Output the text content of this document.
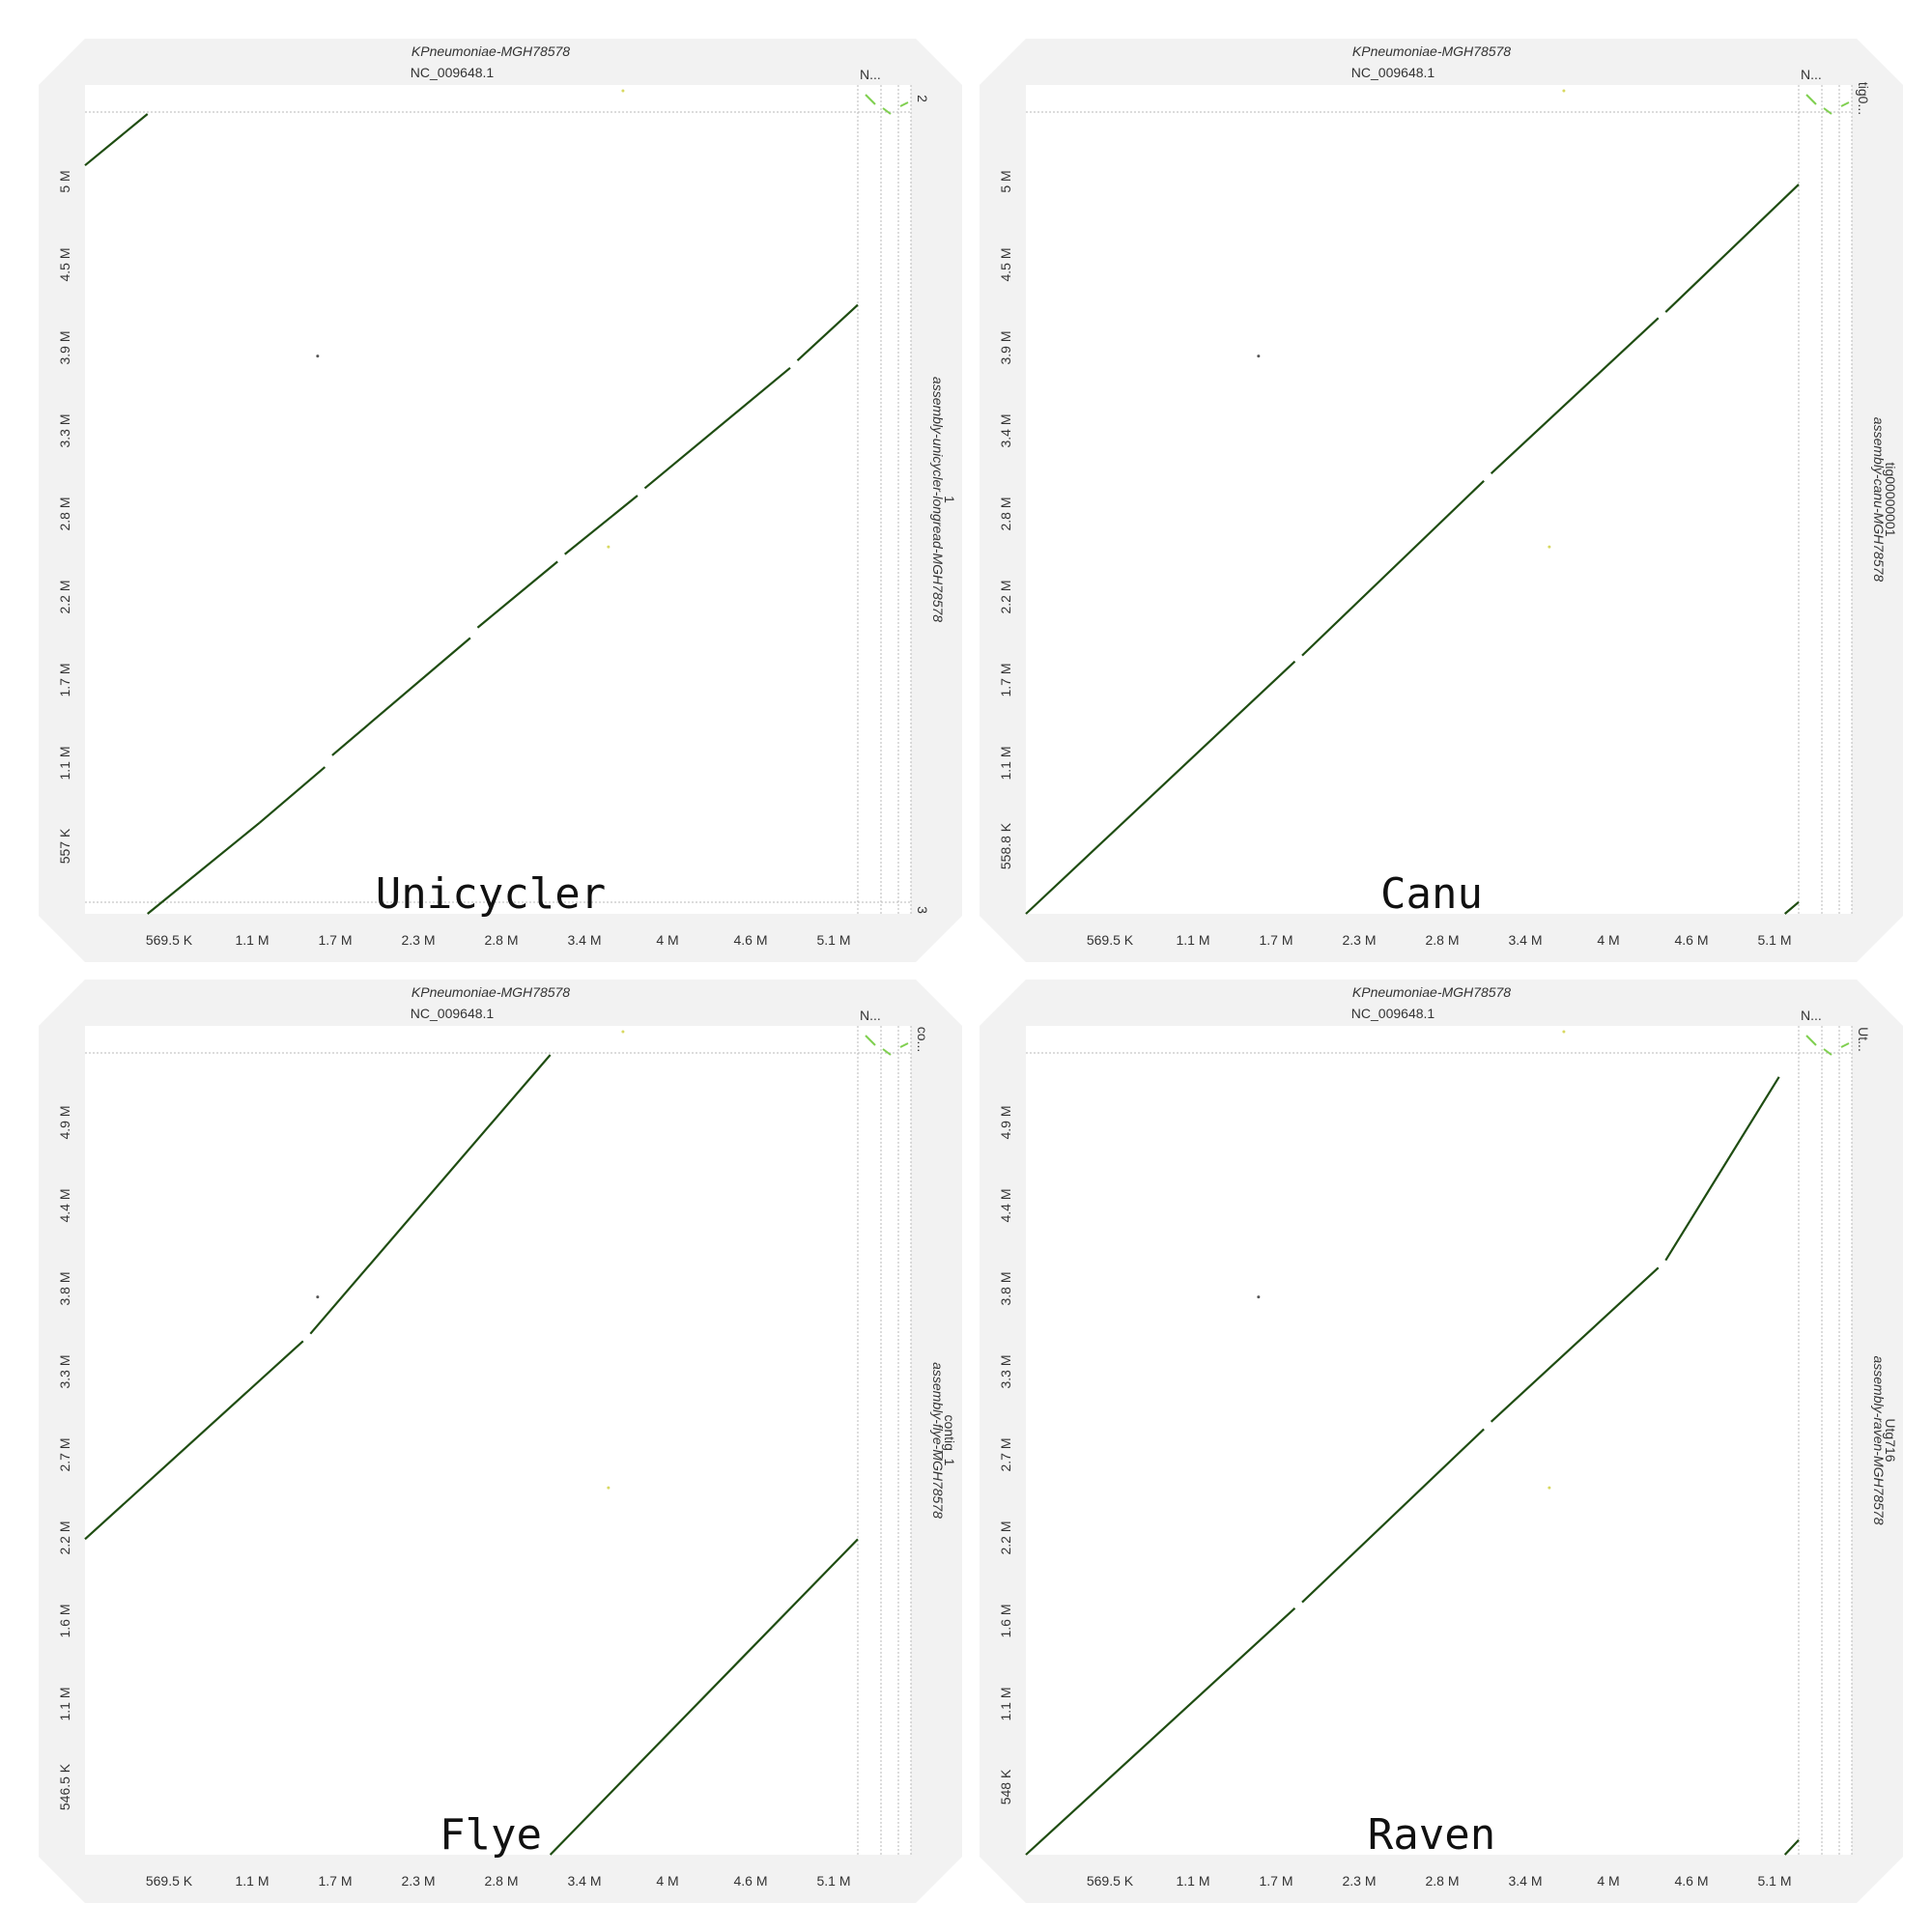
569.5 K	1.1 M	1.7 M	2.3 M	2.8 M	3.4 M	4 M	4.6 M	5.1 M
557 K
1.1 M
1.7 M
2.2 M
2.8 M
3.3 M
3.9 M
4.5 M
5 M
KPneumoniae-MGH78578
NC_009648.1	N...
assembly-unicycler-longread-MGH78578
1
2
3
Unicycler
569.5 K	1.1 M	1.7 M	2.3 M	2.8 M	3.4 M	4 M	4.6 M	5.1 M
558.8 K
1.1 M
1.7 M
2.2 M
2.8 M
3.4 M
3.9 M
4.5 M
5 M
KPneumoniae-MGH78578
NC_009648.1	N...
assembly-canu-MGH78578
tig00000001
tig0...
Canu
569.5 K	1.1 M	1.7 M	2.3 M	2.8 M	3.4 M	4 M	4.6 M	5.1 M
546.5 K
1.1 M
1.6 M
2.2 M
2.7 M
3.3 M
3.8 M
4.4 M
4.9 M
KPneumoniae-MGH78578
NC_009648.1	N...
assembly-flye-MGH78578
contig_1
co...
Flye
569.5 K	1.1 M	1.7 M	2.3 M	2.8 M	3.4 M	4 M	4.6 M	5.1 M
548 K
1.1 M
1.6 M
2.2 M
2.7 M
3.3 M
3.8 M
4.4 M
4.9 M
KPneumoniae-MGH78578
NC_009648.1	N...
assembly-raven-MGH78578
Utg716
Ut...
Raven
